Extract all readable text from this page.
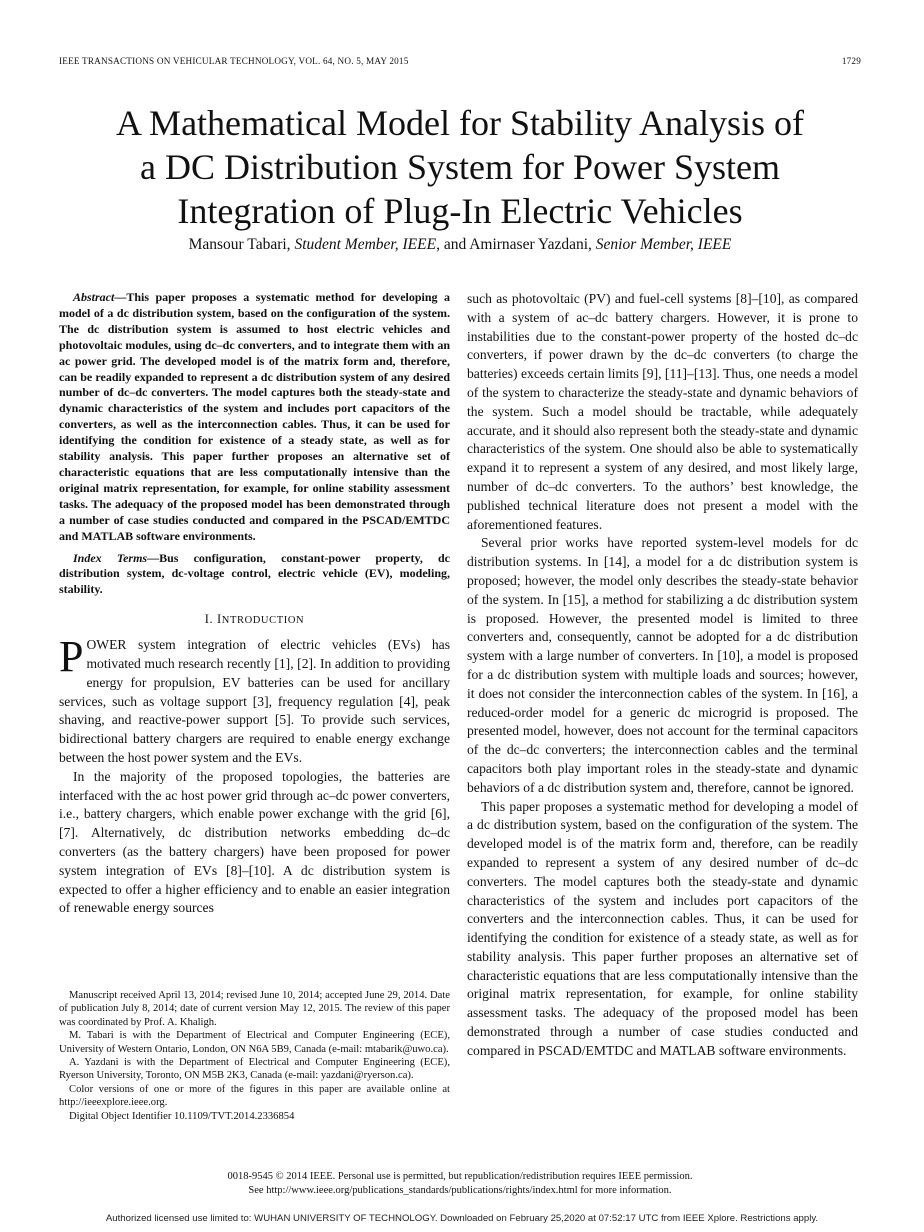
IEEE TRANSACTIONS ON VEHICULAR TECHNOLOGY, VOL. 64, NO. 5, MAY 2015	1729
A Mathematical Model for Stability Analysis of
a DC Distribution System for Power System
Integration of Plug-In Electric Vehicles
Mansour Tabari, Student Member, IEEE, and Amirnaser Yazdani, Senior Member, IEEE

Abstract—This paper proposes a systematic method for developing a model of a dc distribution system, based on the configuration of the system. The dc distribution system is assumed to host electric vehicles and photovoltaic modules, using dc–dc converters, and to integrate them with an ac power grid. The developed model is of the matrix form and, therefore, can be readily expanded to represent a dc distribution system of any desired number of dc–dc converters. The model captures both the steady-state and dynamic characteristics of the system and includes port capacitors of the converters, as well as the interconnection cables. Thus, it can be used for identifying the condition for existence of a steady state, as well as for stability analysis. This paper further proposes an alternative set of characteristic equations that are less computationally intensive than the original matrix representation, for example, for online stability assessment tasks. The adequacy of the proposed model has been demonstrated through a number of case studies conducted and compared in the PSCAD/EMTDC and MATLAB software environments.

Index Terms—Bus configuration, constant-power property, dc distribution system, dc-voltage control, electric vehicle (EV), modeling, stability.

I. INTRODUCTION

POWER system integration of electric vehicles (EVs) has motivated much research recently [1], [2]. In addition to providing energy for propulsion, EV batteries can be used for ancillary services, such as voltage support [3], frequency regulation [4], peak shaving, and reactive-power support [5]. To provide such services, bidirectional battery chargers are required to enable energy exchange between the host power system and the EVs.

In the majority of the proposed topologies, the batteries are interfaced with the ac host power grid through ac–dc power converters, i.e., battery chargers, which enable power exchange with the grid [6], [7]. Alternatively, dc distribution networks embedding dc–dc converters (as the battery chargers) have been proposed for power system integration of EVs [8]–[10]. A dc distribution system is expected to offer a higher efficiency and to enable an easier integration of renewable energy sources

Manuscript received April 13, 2014; revised June 10, 2014; accepted June 29, 2014. Date of publication July 8, 2014; date of current version May 12, 2015. The review of this paper was coordinated by Prof. A. Khaligh.

M. Tabari is with the Department of Electrical and Computer Engineering (ECE), University of Western Ontario, London, ON N6A 5B9, Canada (e-mail: mtabarik@uwo.ca).

A. Yazdani is with the Department of Electrical and Computer Engineering (ECE), Ryerson University, Toronto, ON M5B 2K3, Canada (e-mail: yazdani@ryerson.ca).

Color versions of one or more of the figures in this paper are available online at http://ieeexplore.ieee.org.

Digital Object Identifier 10.1109/TVT.2014.2336854

such as photovoltaic (PV) and fuel-cell systems [8]–[10], as compared with a system of ac–dc battery chargers. However, it is prone to instabilities due to the constant-power property of the hosted dc–dc converters, if power drawn by the dc–dc converters (to charge the batteries) exceeds certain limits [9], [11]–[13]. Thus, one needs a model of the system to characterize the steady-state and dynamic behaviors of the system. Such a model should be tractable, while adequately accurate, and it should also represent both the steady-state and dynamic characteristics of the system. One should also be able to systematically expand it to represent a system of any desired, and most likely large, number of dc–dc converters. To the authors’ best knowledge, the published technical literature does not present a model with the aforementioned features.

Several prior works have reported system-level models for dc distribution systems. In [14], a model for a dc distribution system is proposed; however, the model only describes the steady-state behavior of the system. In [15], a method for stabilizing a dc distribution system is proposed. However, the presented model is limited to three converters and, consequently, cannot be adopted for a dc distribution system with a large number of converters. In [10], a model is proposed for a dc distribution system with multiple loads and sources; however, it does not consider the interconnection cables of the system. In [16], a reduced-order model for a generic dc microgrid is proposed. The presented model, however, does not account for the terminal capacitors of the dc–dc converters; the interconnection cables and the terminal capacitors both play important roles in the steady-state and dynamic behaviors of a dc distribution system and, therefore, cannot be ignored.

This paper proposes a systematic method for developing a model of a dc distribution system, based on the configuration of the system. The developed model is of the matrix form and, therefore, can be readily expanded to represent a system of any desired number of dc–dc converters. The model captures both the steady-state and dynamic characteristics of the system and includes port capacitors of the converters and the interconnection cables. Thus, it can be used for identifying the condition for existence of a steady state, as well as for stability analysis. This paper further proposes an alternative set of characteristic equations that are less computationally intensive than the original matrix representation, for example, for online stability assessment tasks. The adequacy of the proposed model has been demonstrated through a number of case studies conducted and compared in PSCAD/EMTDC and MATLAB software environments.

0018-9545 © 2014 IEEE. Personal use is permitted, but republication/redistribution requires IEEE permission.
See http://www.ieee.org/publications_standards/publications/rights/index.html for more information.
Authorized licensed use limited to: WUHAN UNIVERSITY OF TECHNOLOGY. Downloaded on February 25,2020 at 07:52:17 UTC from IEEE Xplore. Restrictions apply.
